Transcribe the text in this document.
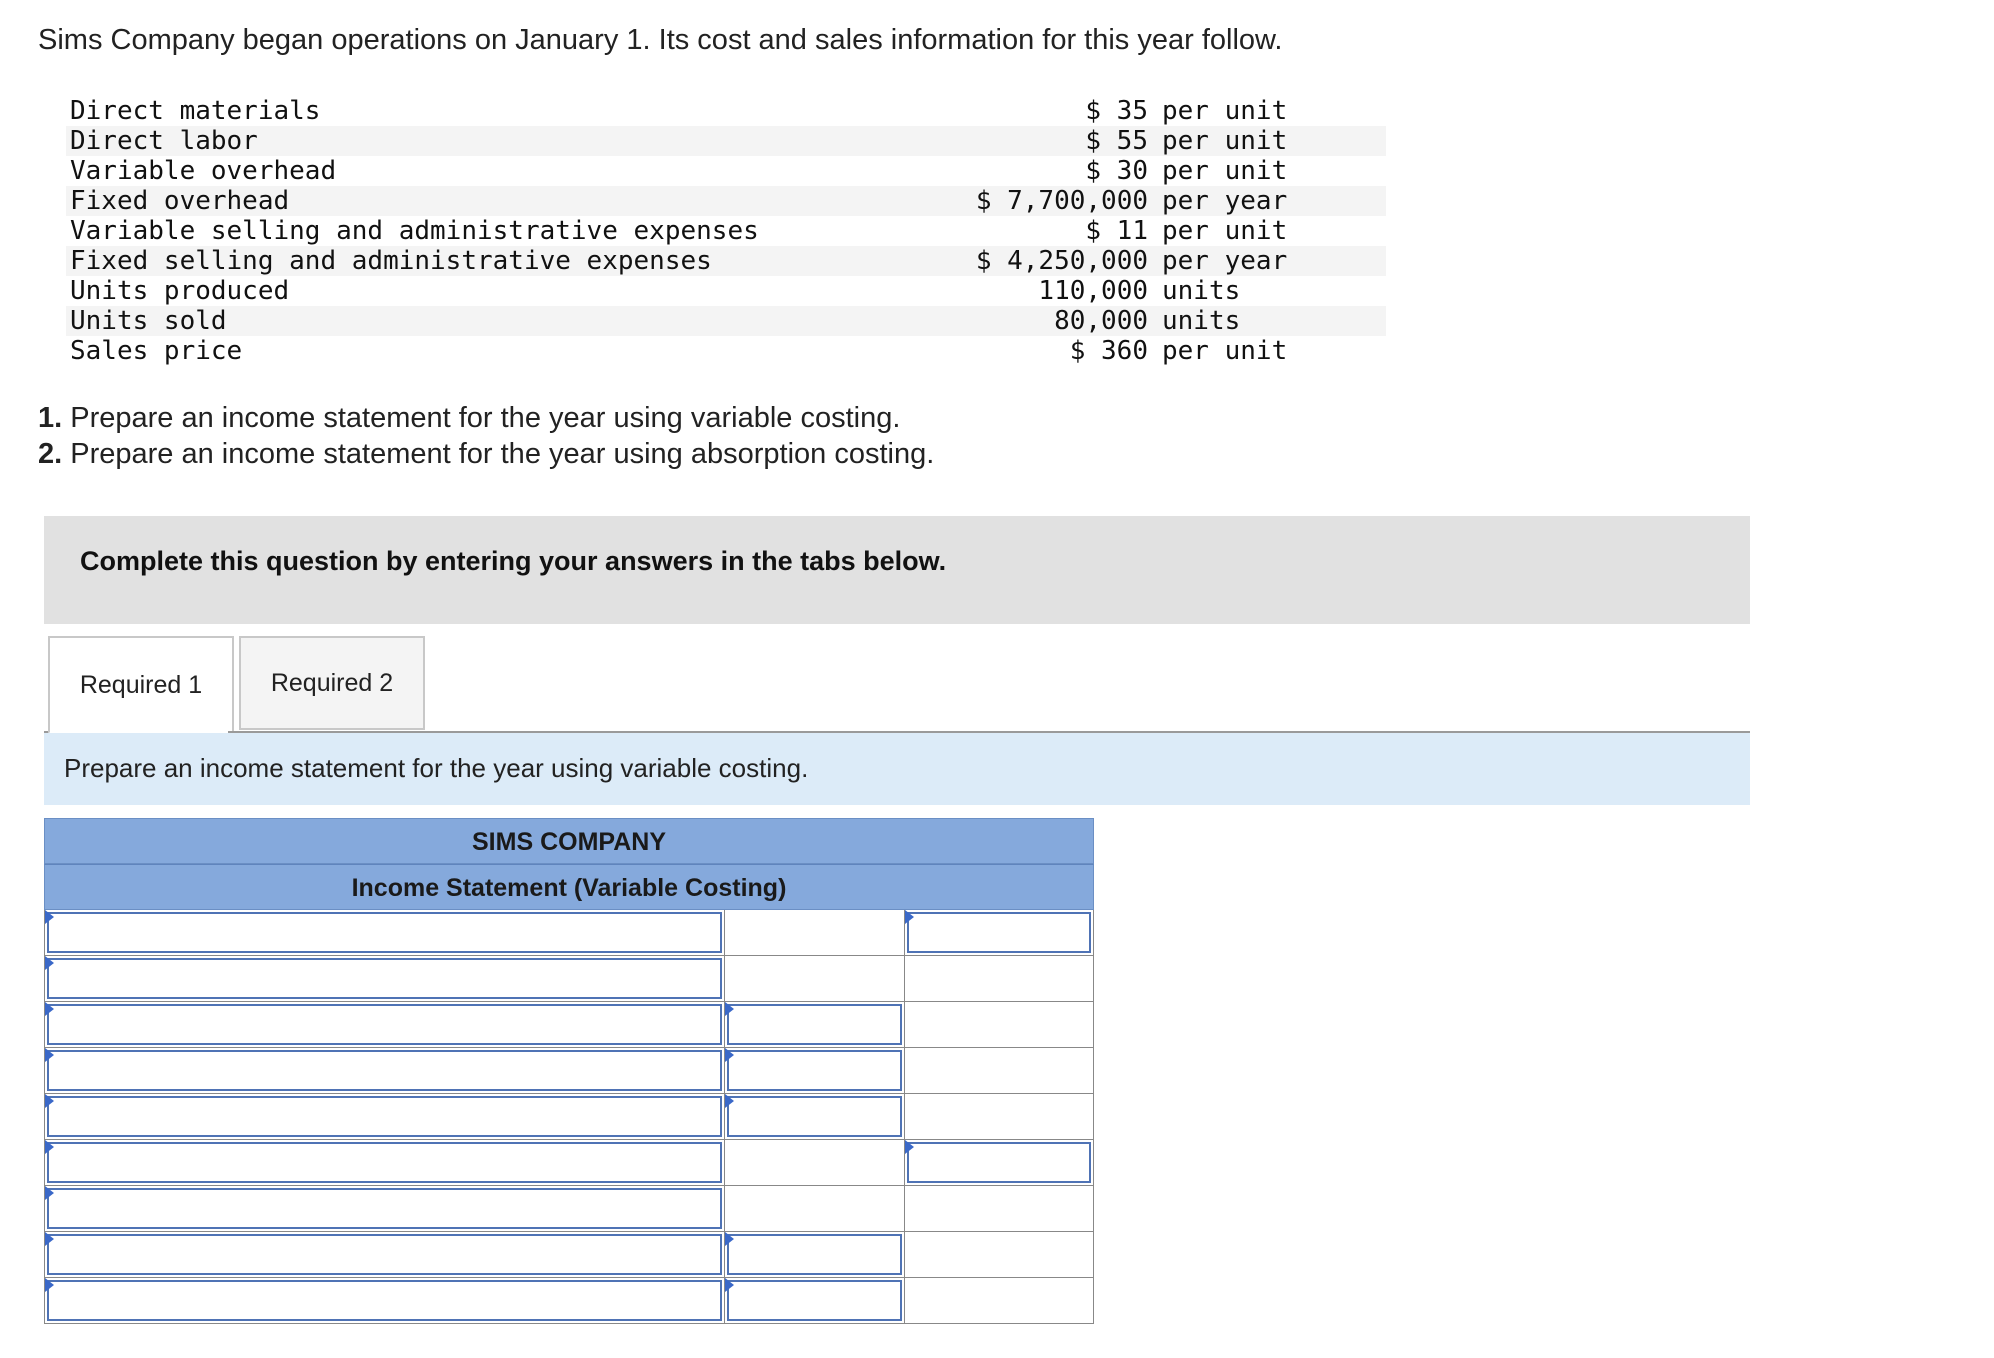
Sims Company began operations on January 1. Its cost and sales information for this year follow.

Direct materials	$ 35	per unit
Direct labor	$ 55	per unit
Variable overhead	$ 30	per unit
Fixed overhead	$ 7,700,000	per year
Variable selling and administrative expenses	$ 11	per unit
Fixed selling and administrative expenses	$ 4,250,000	per year
Units produced	110,000	units
Units sold	80,000	units
Sales price	$ 360	per unit
1. Prepare an income statement for the year using variable costing.
2. Prepare an income statement for the year using absorption costing.
Complete this question by entering your answers in the tabs below.
Required 1	Required 2
Prepare an income statement for the year using variable costing.
SIMS COMPANY
Income Statement (Variable Costing)
